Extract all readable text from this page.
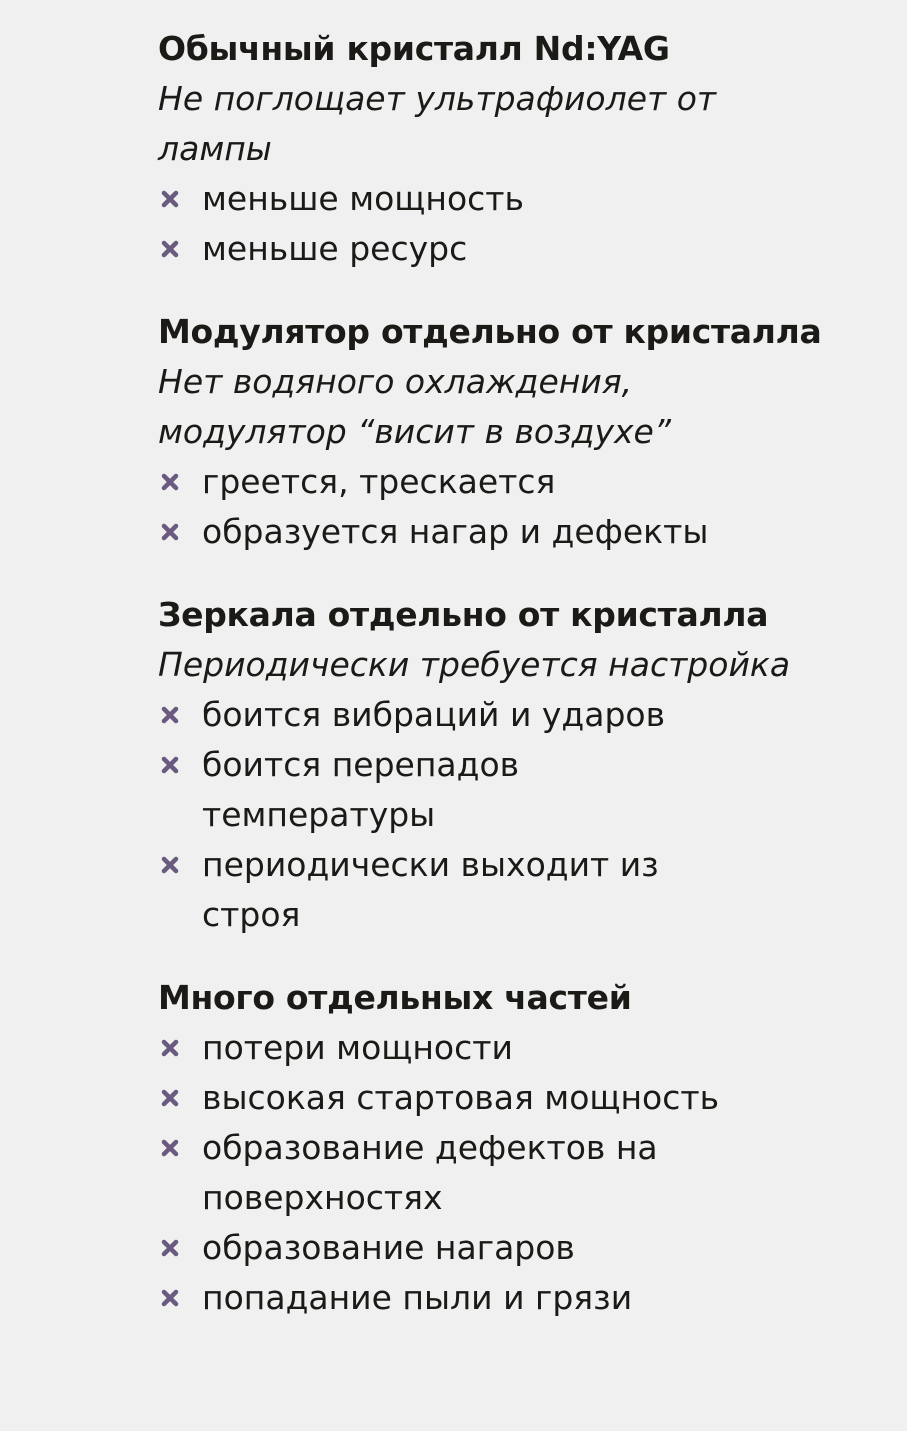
Обычный кристалл Nd:YAG
Не поглощает ультрафиолет от
лампы
меньше мощность
меньше ресурс
Модулятор отдельно от кристалла
Нет водяного охлаждения,
модулятор “висит в воздухе”
греется, трескается
образуется нагар и дефекты
Зеркала отдельно от кристалла
Периодически требуется настройка
боится вибраций и ударов
боится перепадов температуры
периодически выходит из строя
Много отдельных частей
потери мощности
высокая стартовая мощность
образование дефектов на поверхностях
образование нагаров
попадание пыли и грязи
